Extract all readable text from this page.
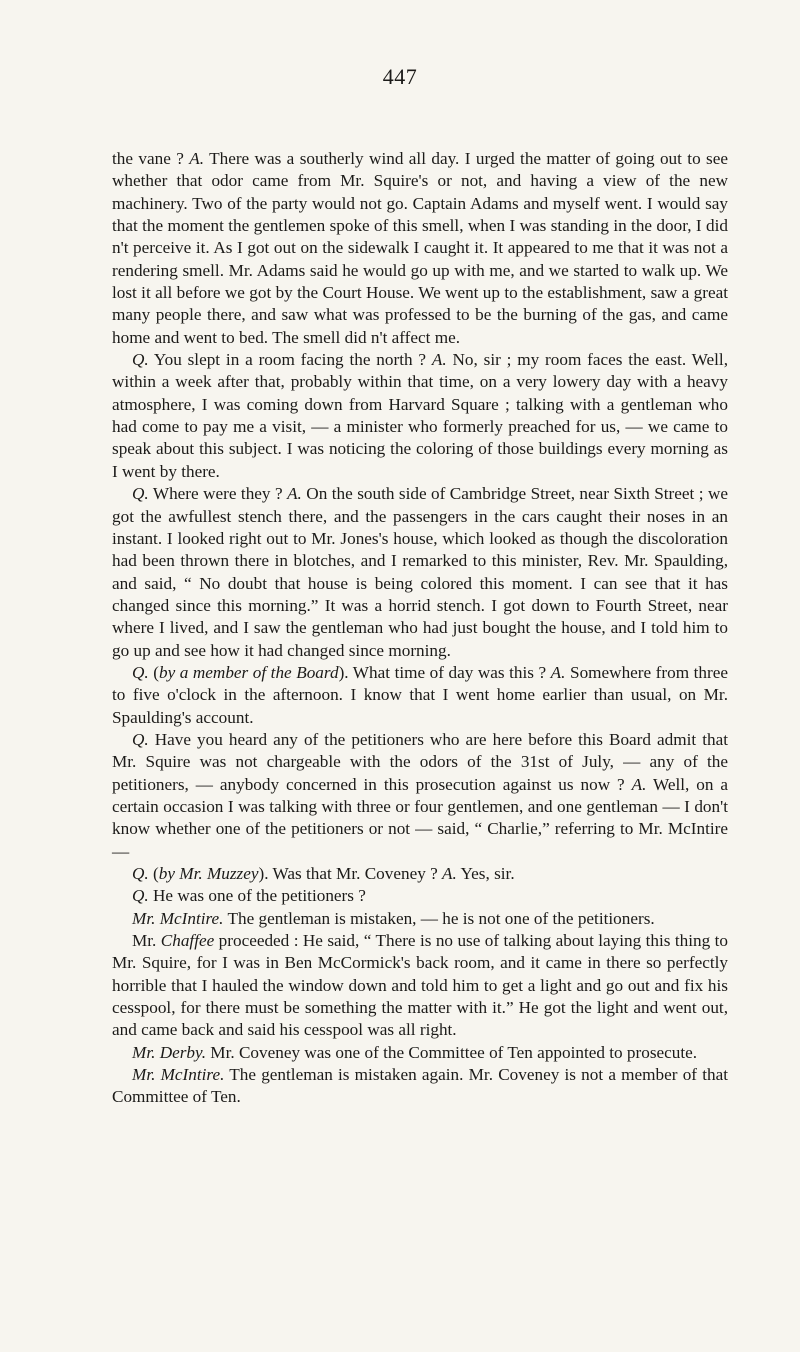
447

the vane ? A. There was a southerly wind all day. I urged the matter of going out to see whether that odor came from Mr. Squire's or not, and having a view of the new machinery. Two of the party would not go. Captain Adams and myself went. I would say that the moment the gentlemen spoke of this smell, when I was standing in the door, I did n't perceive it. As I got out on the sidewalk I caught it. It appeared to me that it was not a rendering smell. Mr. Adams said he would go up with me, and we started to walk up. We lost it all before we got by the Court House. We went up to the establishment, saw a great many people there, and saw what was professed to be the burning of the gas, and came home and went to bed. The smell did n't affect me.

Q. You slept in a room facing the north ? A. No, sir ; my room faces the east. Well, within a week after that, probably within that time, on a very lowery day with a heavy atmosphere, I was coming down from Harvard Square ; talking with a gentleman who had come to pay me a visit, — a minister who formerly preached for us, — we came to speak about this subject. I was noticing the coloring of those buildings every morning as I went by there.

Q. Where were they ? A. On the south side of Cambridge Street, near Sixth Street ; we got the awfullest stench there, and the passengers in the cars caught their noses in an instant. I looked right out to Mr. Jones's house, which looked as though the discoloration had been thrown there in blotches, and I remarked to this minister, Rev. Mr. Spaulding, and said, “ No doubt that house is being colored this moment. I can see that it has changed since this morning.” It was a horrid stench. I got down to Fourth Street, near where I lived, and I saw the gentleman who had just bought the house, and I told him to go up and see how it had changed since morning.

Q. (by a member of the Board). What time of day was this ? A. Somewhere from three to five o'clock in the afternoon. I know that I went home earlier than usual, on Mr. Spaulding's account.

Q. Have you heard any of the petitioners who are here before this Board admit that Mr. Squire was not chargeable with the odors of the 31st of July, — any of the petitioners, — anybody concerned in this prosecution against us now ? A. Well, on a certain occasion I was talking with three or four gentlemen, and one gentleman — I don't know whether one of the petitioners or not — said, “ Charlie,” referring to Mr. McIntire —

Q. (by Mr. Muzzey). Was that Mr. Coveney ? A. Yes, sir.

Q. He was one of the petitioners ?

Mr. McIntire. The gentleman is mistaken, — he is not one of the petitioners.

Mr. Chaffee proceeded : He said, “ There is no use of talking about laying this thing to Mr. Squire, for I was in Ben McCormick's back room, and it came in there so perfectly horrible that I hauled the window down and told him to get a light and go out and fix his cesspool, for there must be something the matter with it.” He got the light and went out, and came back and said his cesspool was all right.

Mr. Derby. Mr. Coveney was one of the Committee of Ten appointed to prosecute.

Mr. McIntire. The gentleman is mistaken again. Mr. Coveney is not a member of that Committee of Ten.
